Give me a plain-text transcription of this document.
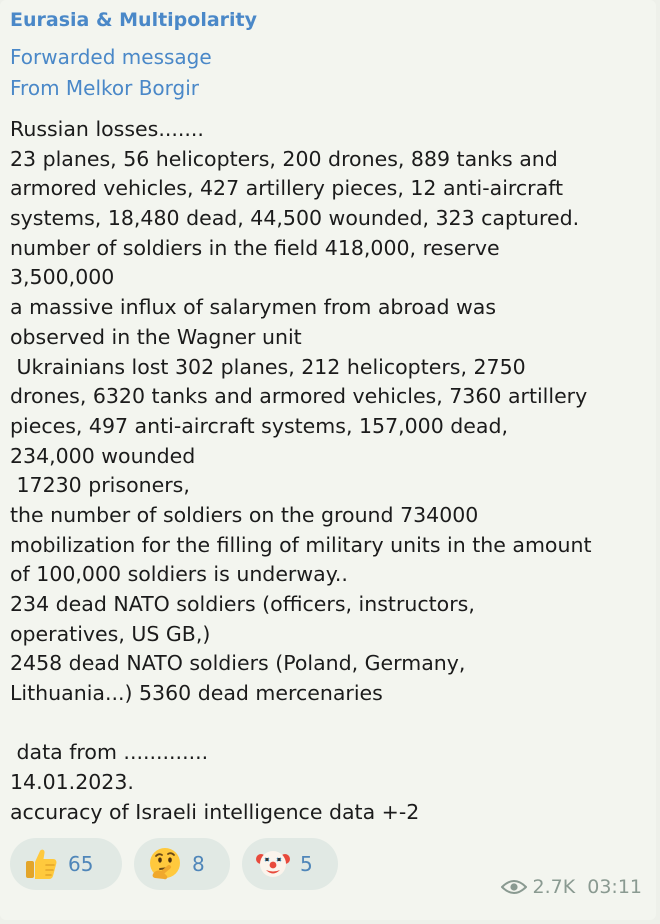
Eurasia & Multipolarity
Forwarded message
From Melkor Borgir
Russian losses.......
23 planes, 56 helicopters, 200 drones, 889 tanks and
armored vehicles, 427 artillery pieces, 12 anti-aircraft
systems, 18,480 dead, 44,500 wounded, 323 captured.
number of soldiers in the field 418,000, reserve
3,500,000
a massive influx of salarymen from abroad was
observed in the Wagner unit
Ukrainians lost 302 planes, 212 helicopters, 2750
drones, 6320 tanks and armored vehicles, 7360 artillery
pieces, 497 anti-aircraft systems, 157,000 dead,
234,000 wounded
17230 prisoners,
the number of soldiers on the ground 734000
mobilization for the filling of military units in the amount
of 100,000 soldiers is underway..
234 dead NATO soldiers (officers, instructors,
operatives, US GB,)
2458 dead NATO soldiers (Poland, Germany,
Lithuania...) 5360 dead mercenaries
data from .............
14.01.2023.
accuracy of Israeli intelligence data +-2
65	8	5
2.7K 03:11
